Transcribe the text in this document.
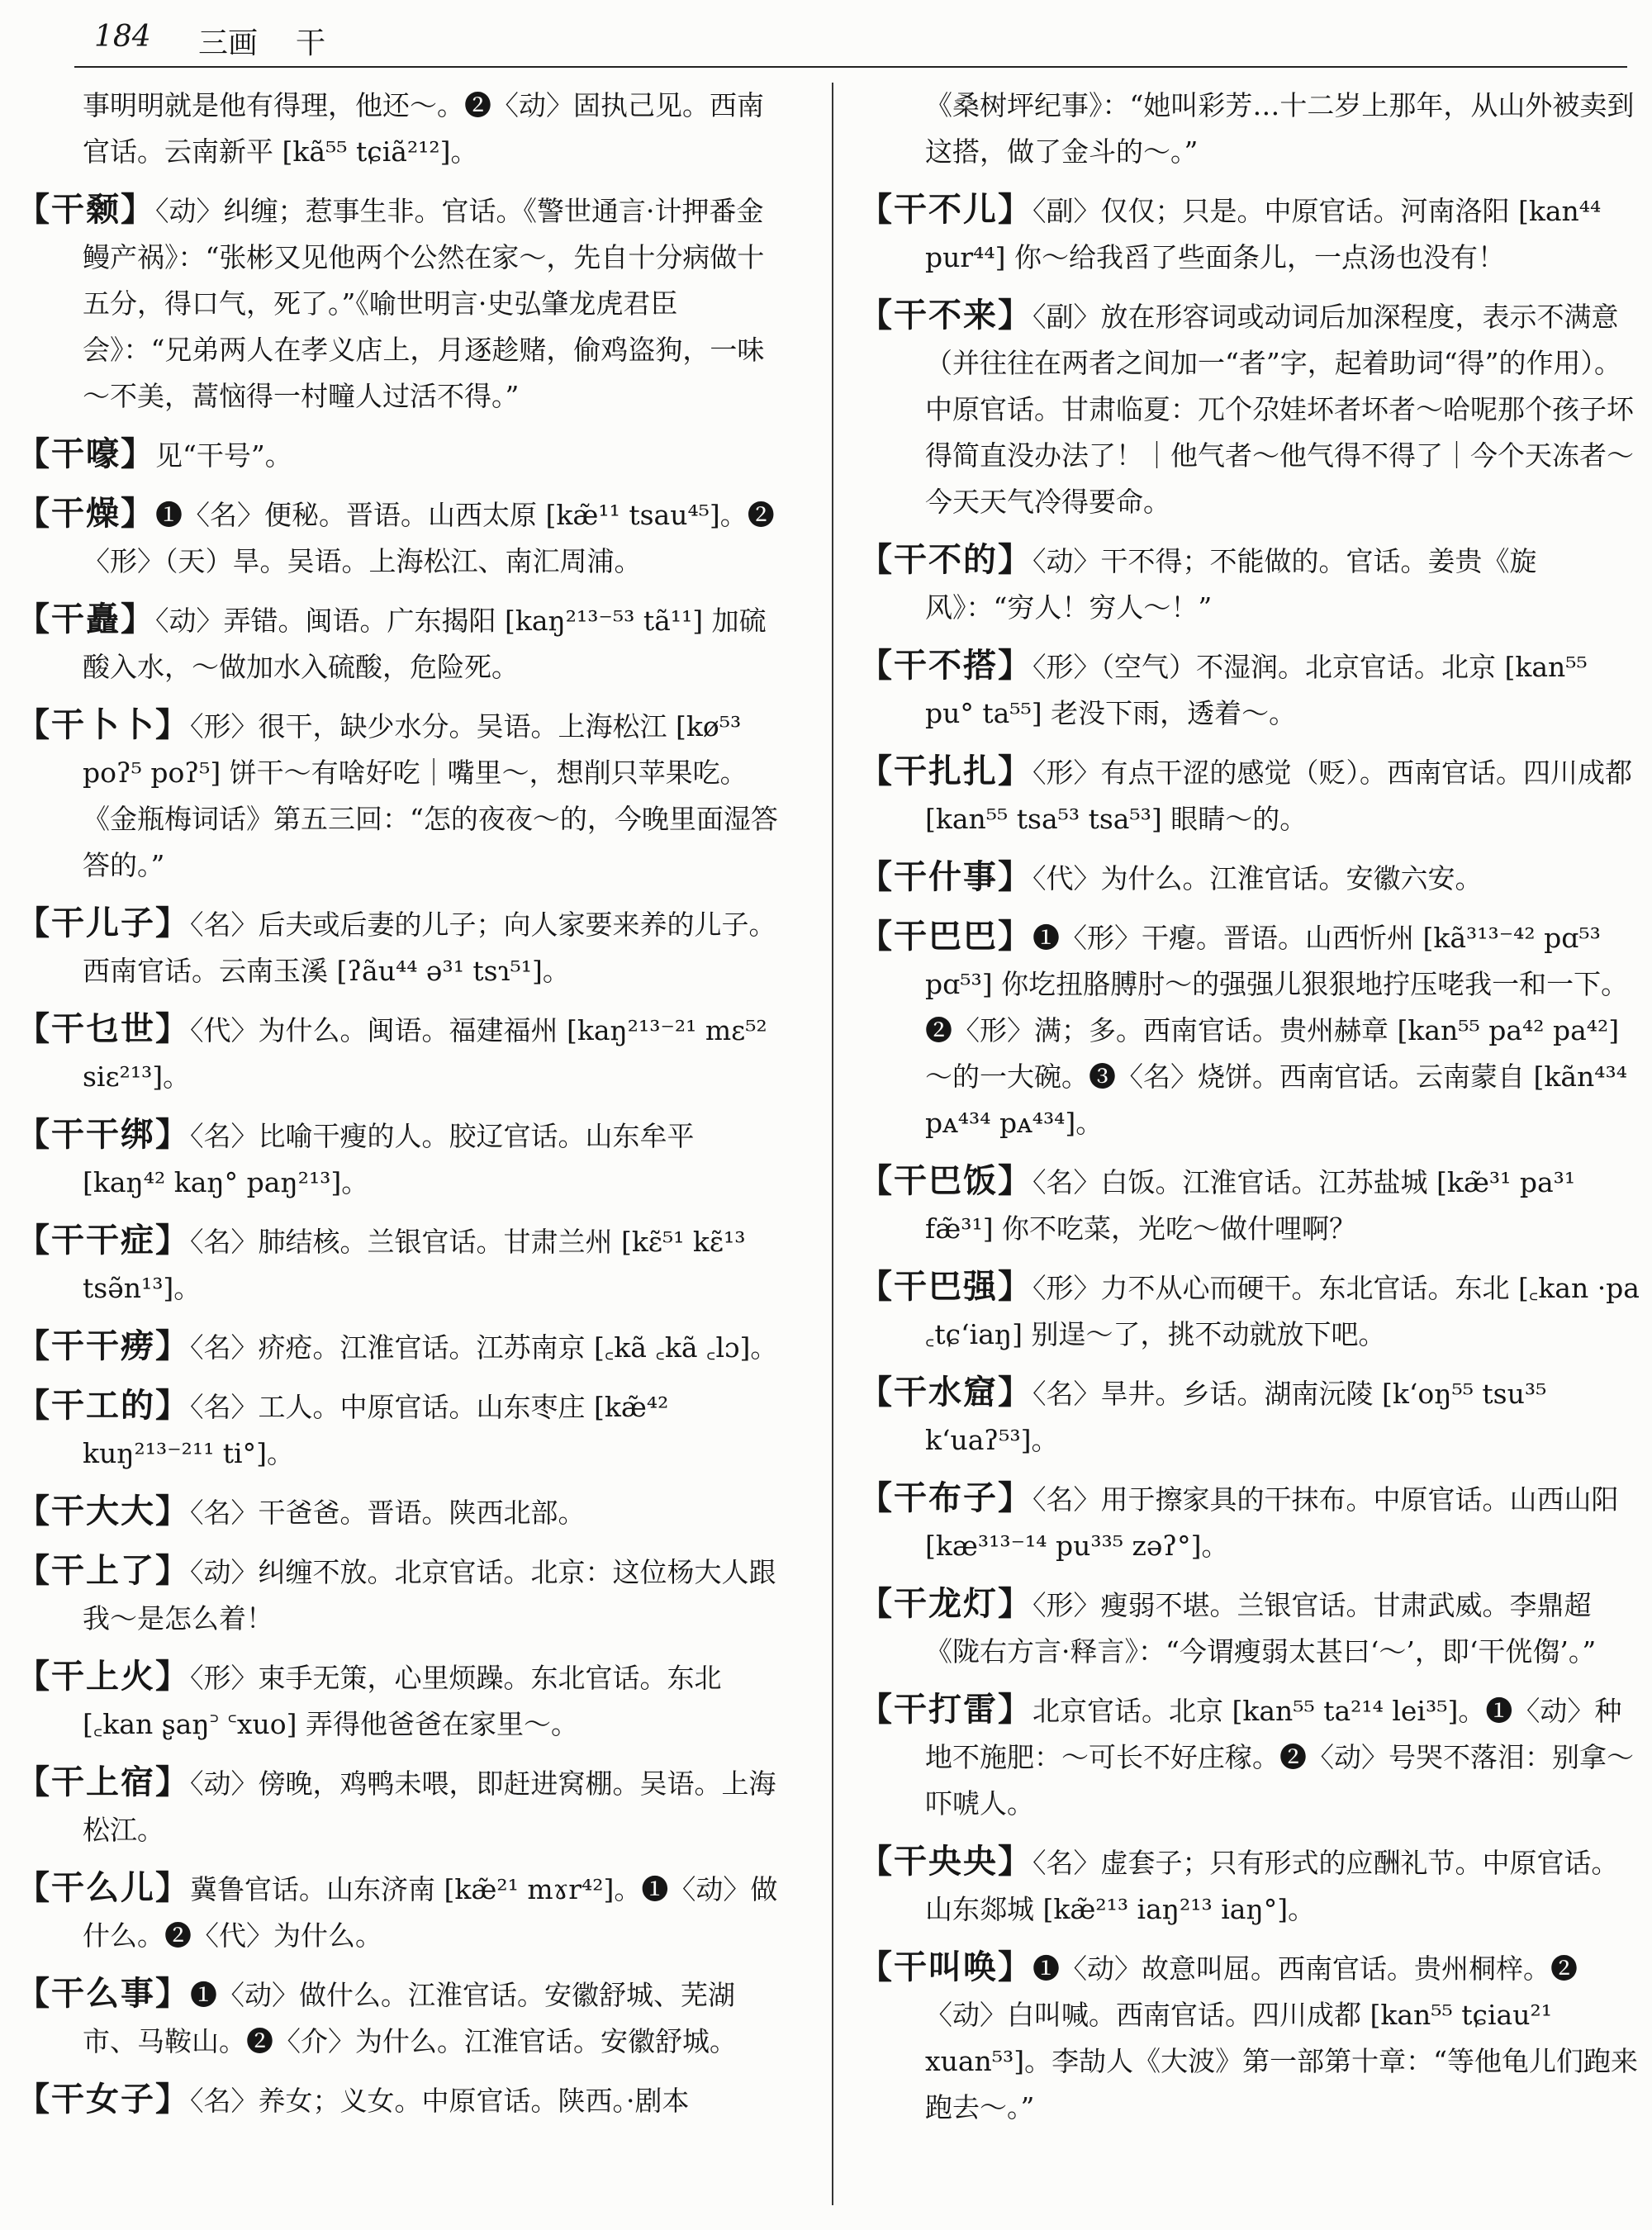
184 三画 干
事明明就是他有得理，他还～。❷〈动〉固执己见。西南官话。云南新平 [kã⁵⁵ tɕiã²¹²]。
【干颡】〈动〉纠缠；惹事生非。官话。《警世通言·计押番金鳗产祸》：“张彬又见他两个公然在家～，先自十分病做十五分，得口气，死了。”《喻世明言·史弘肇龙虎君臣会》：“兄弟两人在孝义店上，月逐趁赌，偷鸡盗狗，一味～不美，蒿恼得一村疃人过活不得。”
【干嚎】见“干号”。
【干燥】❶〈名〉便秘。晋语。山西太原 [kæ̃¹¹ tsau⁴⁵]。❷〈形〉（天）旱。吴语。上海松江、南汇周浦。
【干矗】〈动〉弄错。闽语。广东揭阳 [kaŋ²¹³⁻⁵³ tã¹¹] 加硫酸入水，～做加水入硫酸，危险死。
【干卜卜】〈形〉很干，缺少水分。吴语。上海松江 [kø⁵³ poʔ⁵ poʔ⁵] 饼干～有啥好吃｜嘴里～，想削只苹果吃。《金瓶梅词话》第五三回：“怎的夜夜～的，今晚里面湿答答的。”
【干儿子】〈名〉后夫或后妻的儿子；向人家要来养的儿子。西南官话。云南玉溪 [ʔãu⁴⁴ ə³¹ tsɿ⁵¹]。
【干乜世】〈代〉为什么。闽语。福建福州 [kaŋ²¹³⁻²¹ mɛ⁵² siɛ²¹³]。
【干干绑】〈名〉比喻干瘦的人。胶辽官话。山东牟平 [kaŋ⁴² kaŋ° paŋ²¹³]。
【干干症】〈名〉肺结核。兰银官话。甘肃兰州 [kɛ̃⁵¹ kɛ̃¹³ tsə̃n¹³]。
【干干痨】〈名〉疥疮。江淮官话。江苏南京 [꜀kã ꜀kã ꜀lɔ]。
【干工的】〈名〉工人。中原官话。山东枣庄 [kæ̃⁴² kuŋ²¹³⁻²¹¹ ti°]。
【干大大】〈名〉干爸爸。晋语。陕西北部。
【干上了】〈动〉纠缠不放。北京官话。北京：这位杨大人跟我～是怎么着！
【干上火】〈形〉束手无策，心里烦躁。东北官话。东北 [꜀kan ʂaŋ꜄ ꜂xuo] 弄得他爸爸在家里～。
【干上宿】〈动〉傍晚，鸡鸭未喂，即赶进窝棚。吴语。上海松江。
【干么儿】冀鲁官话。山东济南 [kæ̃²¹ mɤr⁴²]。❶〈动〉做什么。❷〈代〉为什么。
【干么事】❶〈动〉做什么。江淮官话。安徽舒城、芜湖市、马鞍山。❷〈介〉为什么。江淮官话。安徽舒城。
【干女子】〈名〉养女；义女。中原官话。陕西。·剧本
《桑树坪纪事》：“她叫彩芳…十二岁上那年，从山外被卖到这搭，做了金斗的～。”
【干不儿】〈副〉仅仅；只是。中原官话。河南洛阳 [kan⁴⁴ pur⁴⁴] 你～给我舀了些面条儿，一点汤也没有！
【干不来】〈副〉放在形容词或动词后加深程度，表示不满意（并往往在两者之间加一“者”字，起着助词“得”的作用）。中原官话。甘肃临夏：兀个尕娃坏者坏者～哈呢那个孩子坏得简直没办法了！｜他气者～他气得不得了｜今个天冻者～今天天气冷得要命。
【干不的】〈动〉干不得；不能做的。官话。姜贵《旋风》：“穷人！穷人～！”
【干不搭】〈形〉（空气）不湿润。北京官话。北京 [kan⁵⁵ pu° ta⁵⁵] 老没下雨，透着～。
【干扎扎】〈形〉有点干涩的感觉（贬）。西南官话。四川成都 [kan⁵⁵ tsa⁵³ tsa⁵³] 眼睛～的。
【干什事】〈代〉为什么。江淮官话。安徽六安。
【干巴巴】❶〈形〉干瘪。晋语。山西忻州 [kã³¹³⁻⁴² pɑ⁵³ pɑ⁵³] 你圪扭胳膊肘～的强强儿狠狠地拧压咾我一和一下。❷〈形〉满；多。西南官话。贵州赫章 [kan⁵⁵ pa⁴² pa⁴²] ～的一大碗。❸〈名〉烧饼。西南官话。云南蒙自 [kãn⁴³⁴ pᴀ⁴³⁴ pᴀ⁴³⁴]。
【干巴饭】〈名〉白饭。江淮官话。江苏盐城 [kæ̃³¹ pa³¹ fæ̃³¹] 你不吃菜，光吃～做什哩啊？
【干巴强】〈形〉力不从心而硬干。东北官话。东北 [꜀kan ·pa ꜀tɕʻiaŋ] 别逞～了，挑不动就放下吧。
【干水窟】〈名〉旱井。乡话。湖南沅陵 [kʻoŋ⁵⁵ tsu³⁵ kʻuaʔ⁵³]。
【干布子】〈名〉用于擦家具的干抹布。中原官话。山西山阳 [kæ³¹³⁻¹⁴ pu³³⁵ zəʔ°]。
【干龙灯】〈形〉瘦弱不堪。兰银官话。甘肃武威。李鼎超《陇右方言·释言》：“今谓瘦弱太甚曰‘～’，即‘干侊㑳’。”
【干打雷】北京官话。北京 [kan⁵⁵ ta²¹⁴ lei³⁵]。❶〈动〉种地不施肥：～可长不好庄稼。❷〈动〉号哭不落泪：别拿～吓唬人。
【干央央】〈名〉虚套子；只有形式的应酬礼节。中原官话。山东郯城 [kæ̃²¹³ iaŋ²¹³ iaŋ°]。
【干叫唤】❶〈动〉故意叫屈。西南官话。贵州桐梓。❷〈动〉白叫喊。西南官话。四川成都 [kan⁵⁵ tɕiau²¹ xuan⁵³]。李劼人《大波》第一部第十章：“等他龟儿们跑来跑去～。”
